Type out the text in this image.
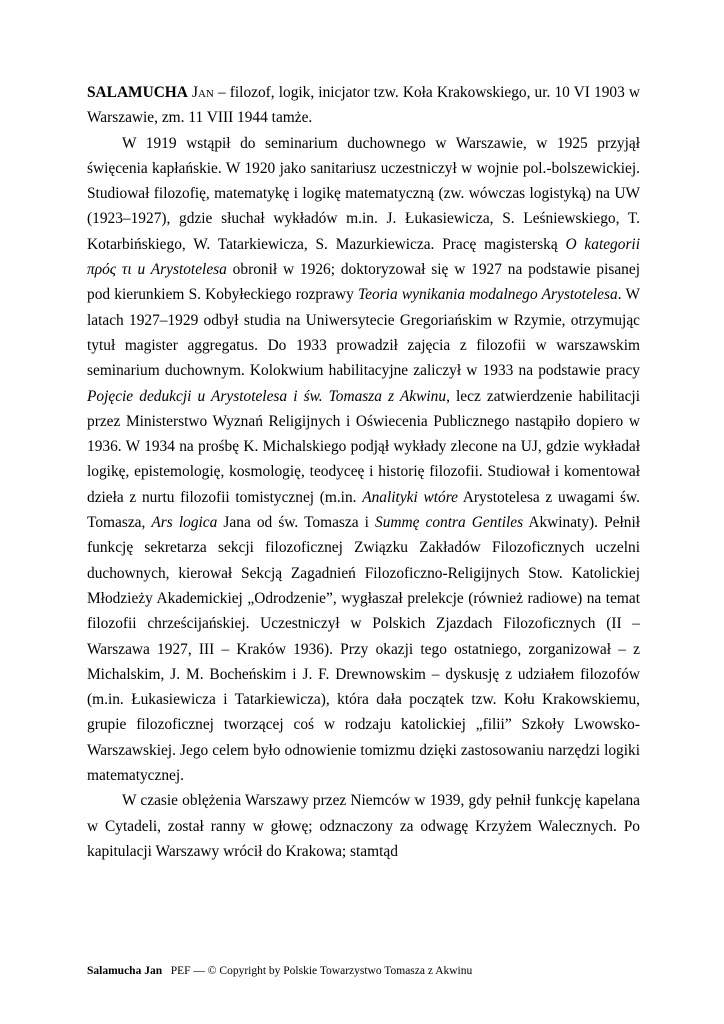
SALAMUCHA Jan – filozof, logik, inicjator tzw. Koła Krakowskiego, ur. 10 VI 1903 w Warszawie, zm. 11 VIII 1944 tamże.

W 1919 wstąpił do seminarium duchownego w Warszawie, w 1925 przyjął święcenia kapłańskie. W 1920 jako sanitariusz uczestniczył w wojnie pol.-bolszewickiej. Studiował filozofię, matematykę i logikę matematyczną (zw. wówczas logistyką) na UW (1923–1927), gdzie słuchał wykładów m.in. J. Łukasiewicza, S. Leśniewskiego, T. Kotarbińskiego, W. Tatarkiewicza, S. Mazurkiewicza. Pracę magisterską O kategorii πρός τι u Arystotelesa obronił w 1926; doktoryzował się w 1927 na podstawie pisanej pod kierunkiem S. Kobyłeckiego rozprawy Teoria wynikania modalnego Arystotelesa. W latach 1927–1929 odbył studia na Uniwersytecie Gregoriańskim w Rzymie, otrzymując tytuł magister aggregatus. Do 1933 prowadził zajęcia z filozofii w warszawskim seminarium duchownym. Kolokwium habilitacyjne zaliczył w 1933 na podstawie pracy Pojęcie dedukcji u Arystotelesa i św. Tomasza z Akwinu, lecz zatwierdzenie habilitacji przez Ministerstwo Wyznań Religijnych i Oświecenia Publicznego nastąpiło dopiero w 1936. W 1934 na prośbę K. Michalskiego podjął wykłady zlecone na UJ, gdzie wykładał logikę, epistemologię, kosmologię, teodyceę i historię filozofii. Studiował i komentował dzieła z nurtu filozofii tomistycznej (m.in. Analityki wtóre Arystotelesa z uwagami św. Tomasza, Ars logica Jana od św. Tomasza i Summę contra Gentiles Akwinaty). Pełnił funkcję sekretarza sekcji filozoficznej Związku Zakładów Filozoficznych uczelni duchownych, kierował Sekcją Zagadnień Filozoficzno-Religijnych Stow. Katolickiej Młodzieży Akademickiej „Odrodzenie”, wygłaszał prelekcje (również radiowe) na temat filozofii chrześcijańskiej. Uczestniczył w Polskich Zjazdach Filozoficznych (II – Warszawa 1927, III – Kraków 1936). Przy okazji tego ostatniego, zorganizował – z Michalskim, J. M. Bocheńskim i J. F. Drewnowskim – dyskusję z udziałem filozofów (m.in. Łukasiewicza i Tatarkiewicza), która dała początek tzw. Kołu Krakowskiemu, grupie filozoficznej tworzącej coś w rodzaju katolickiej „filii” Szkoły Lwowsko-Warszawskiej. Jego celem było odnowienie tomizmu dzięki zastosowaniu narzędzi logiki matematycznej.

W czasie oblężenia Warszawy przez Niemców w 1939, gdy pełnił funkcję kapelana w Cytadeli, został ranny w głowę; odznaczony za odwagę Krzyżem Walecznych. Po kapitulacji Warszawy wrócił do Krakowa; stamtąd

Salamucha Jan PEF — © Copyright by Polskie Towarzystwo Tomasza z Akwinu
